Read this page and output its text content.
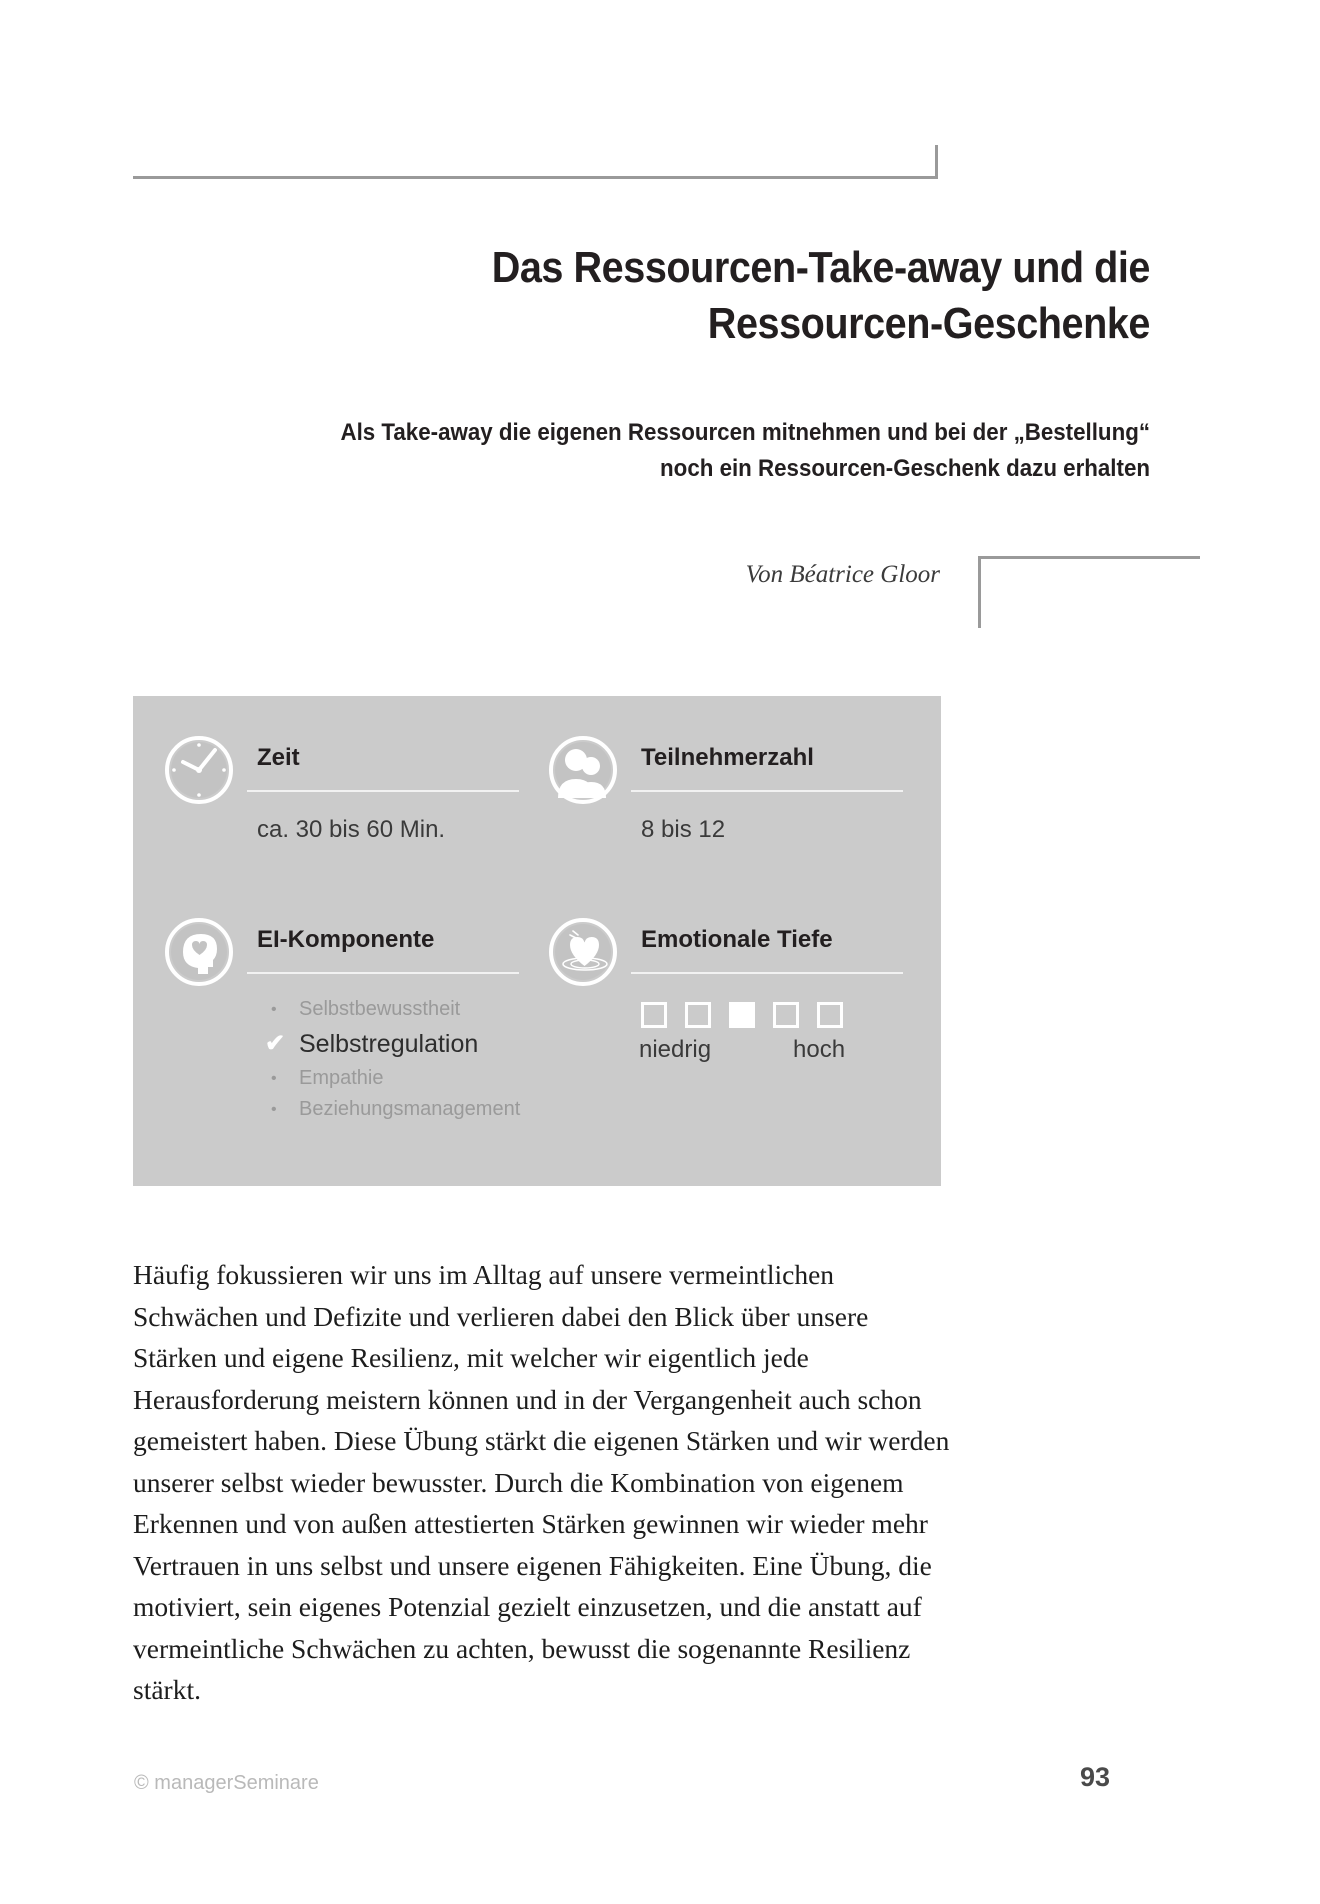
Das Ressourcen-Take-away und die
Ressourcen-Geschenke
Als Take-away die eigenen Ressourcen mitnehmen und bei der „Bestellung“
noch ein Ressourcen-Geschenk dazu erhalten
Von Béatrice Gloor
Zeit
ca. 30 bis 60 Min.
Teilnehmerzahl
8 bis 12
EI-Komponente
•	Selbstbewusstheit
✔ Selbstregulation
•	Empathie
•	Beziehungsmanagement
Emotionale Tiefe
niedrig	hoch
Häufig fokussieren wir uns im Alltag auf unsere vermeintlichen Schwächen und Defizite und verlieren dabei den Blick über unsere Stärken und eigene Resilienz, mit welcher wir eigentlich jede Herausforderung meistern können und in der Vergangenheit auch schon gemeistert haben. Diese Übung stärkt die eigenen Stärken und wir werden unserer selbst wieder bewusster. Durch die Kombination von eigenem Erkennen und von außen attestierten Stärken gewinnen wir wieder mehr Vertrauen in uns selbst und unsere eigenen Fähigkeiten. Eine Übung, die motiviert, sein eigenes Potenzial gezielt einzusetzen, und die anstatt auf vermeintliche Schwächen zu achten, bewusst die sogenannte Resilienz stärkt.
© managerSeminare	93
